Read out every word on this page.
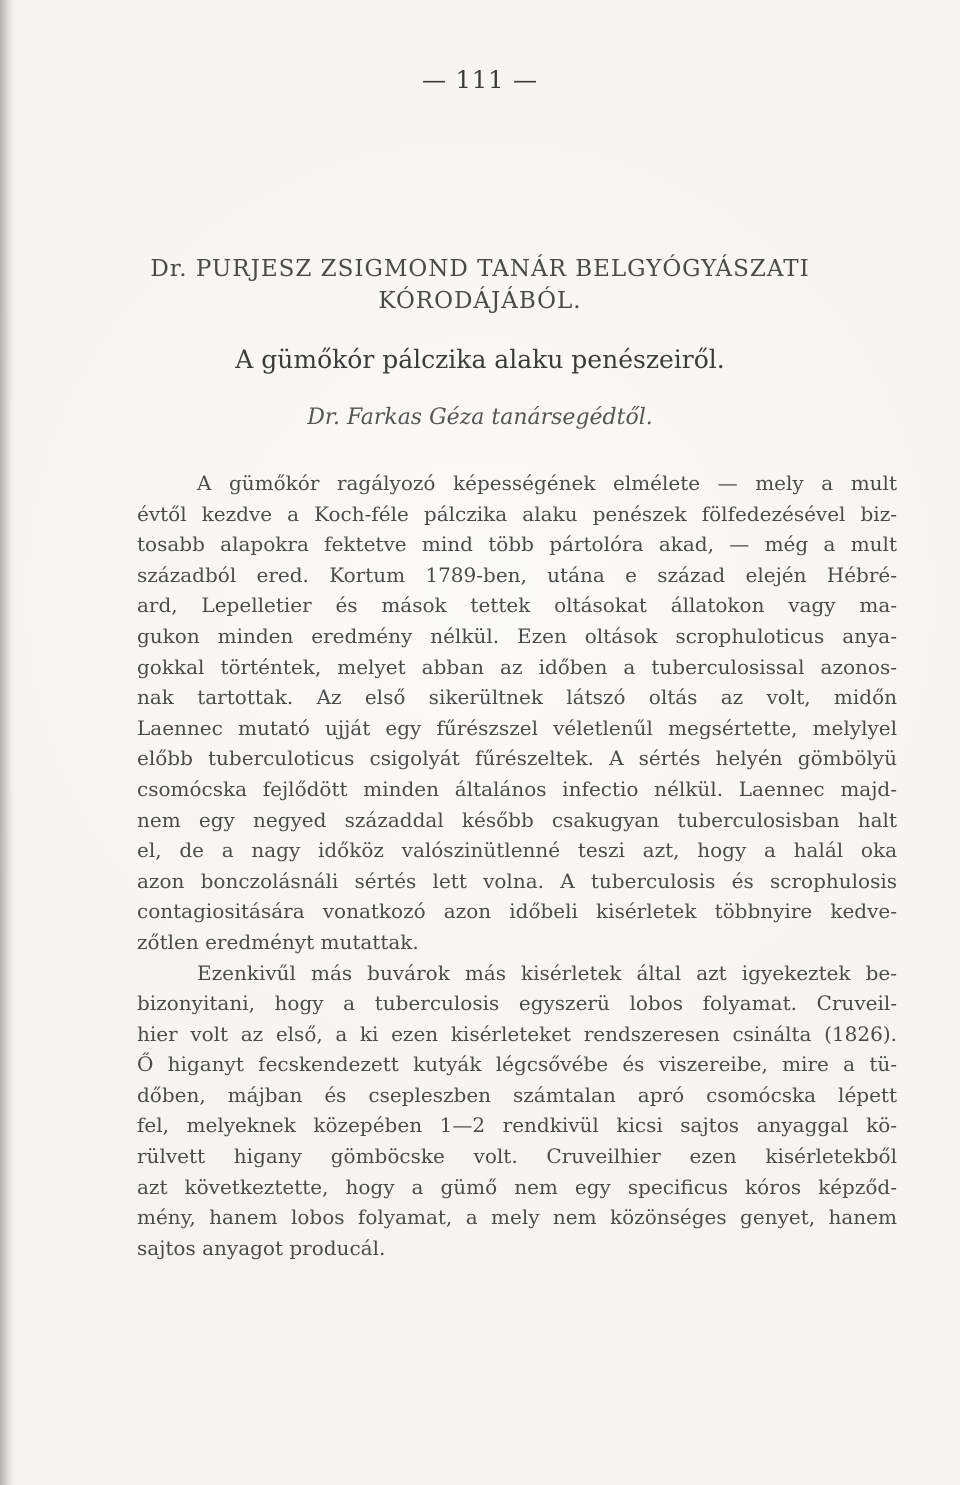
— 111 —
Dr. PURJESZ ZSIGMOND TANÁR BELGYÓGYÁSZATI
KÓRODÁJÁBÓL.
A gümőkór pálczika alaku penészeiről.
Dr. Farkas Géza tanársegédtől.
A gümőkór ragályozó képességének elmélete — mely a mult
évtől kezdve a Koch-féle pálczika alaku penészek fölfedezésével biz-
tosabb alapokra fektetve mind több pártolóra akad, — még a mult
századból ered. Kortum 1789-ben, utána e század elején Hébré-
ard, Lepelletier és mások tettek oltásokat állatokon vagy ma-
gukon minden eredmény nélkül. Ezen oltások scrophuloticus anya-
gokkal történtek, melyet abban az időben a tuberculosissal azonos-
nak tartottak. Az első sikerültnek látszó oltás az volt, midőn
Laennec mutató ujját egy fűrészszel véletlenűl megsértette, melylyel
előbb tuberculoticus csigolyát fűrészeltek. A sértés helyén gömbölyü
csomócska fejlődött minden általános infectio nélkül. Laennec majd-
nem egy negyed századdal később csakugyan tuberculosisban halt
el, de a nagy időköz valószinütlenné teszi azt, hogy a halál oka
azon bonczolásnáli sértés lett volna. A tuberculosis és scrophulosis
contagiositására vonatkozó azon időbeli kisérletek többnyire kedve-
zőtlen eredményt mutattak.
Ezenkivűl más buvárok más kisérletek által azt igyekeztek be-
bizonyitani, hogy a tuberculosis egyszerü lobos folyamat. Cruveil-
hier volt az első, a ki ezen kisérleteket rendszeresen csinálta (1826).
Ő higanyt fecskendezett kutyák légcsővébe és viszereibe, mire a tü-
dőben, májban és csepleszben számtalan apró csomócska lépett
fel, melyeknek közepében 1—2 rendkivül kicsi sajtos anyaggal kö-
rülvett higany gömböcske volt. Cruveilhier ezen kisérletekből
azt következtette, hogy a gümő nem egy specificus kóros képződ-
mény, hanem lobos folyamat, a mely nem közönséges genyet, hanem
sajtos anyagot producál.
